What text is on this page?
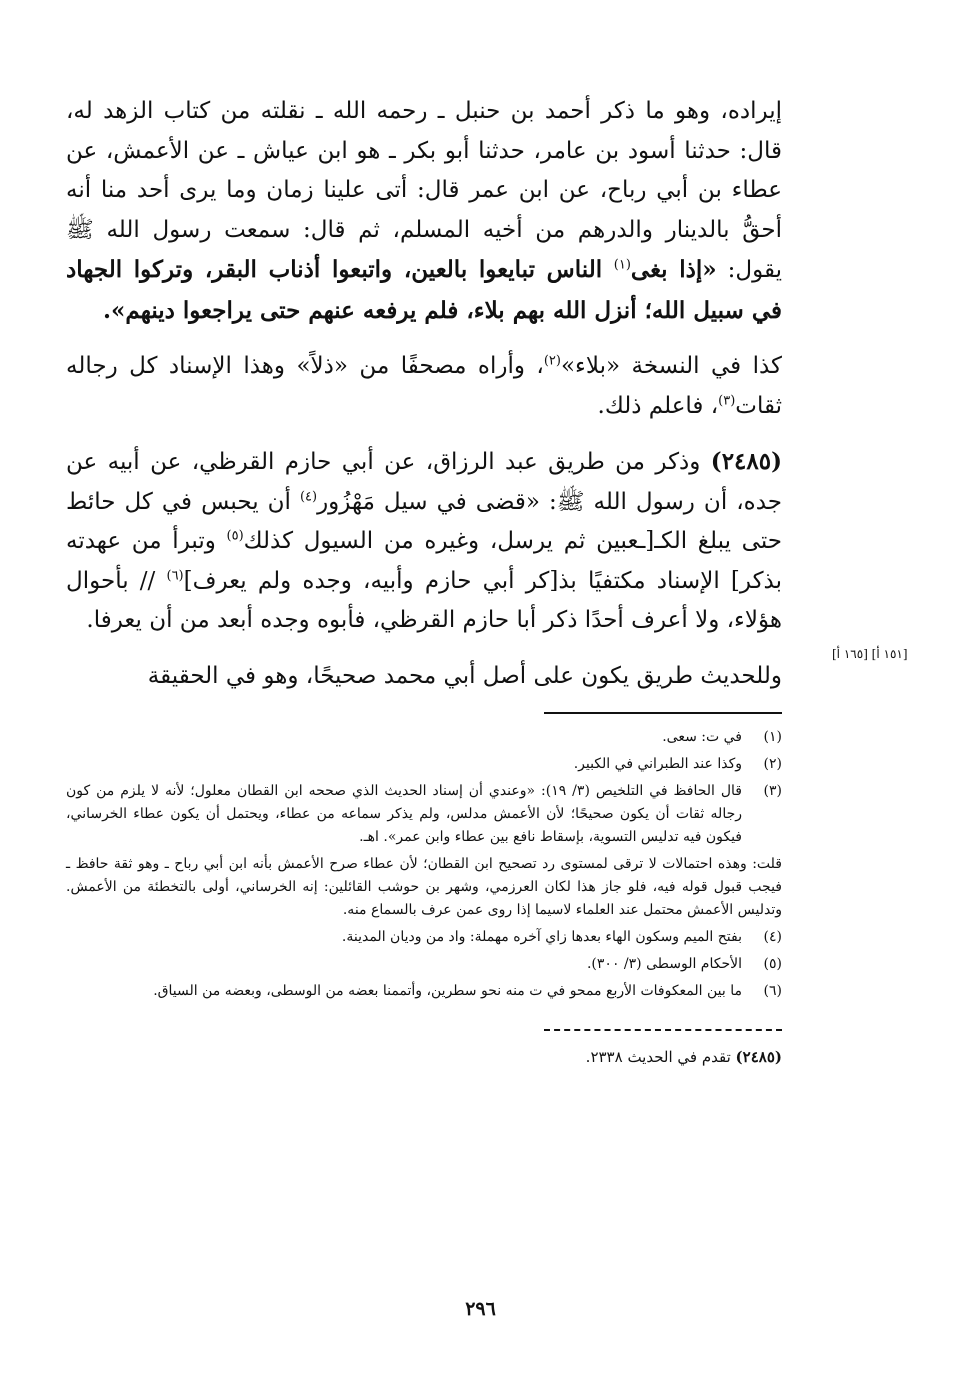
إيراده، وهو ما ذكر أحمد بن حنبل ـ رحمه الله ـ نقلته من كتاب الزهد له، قال: حدثنا أسود بن عامر، حدثنا أبو بكر ـ هو ابن عياش ـ عن الأعمش، عن عطاء بن أبي رباح، عن ابن عمر قال: أتى علينا زمان وما يرى أحد منا أنه أحقُّ بالدينار والدرهم من أخيه المسلم، ثم قال: سمعت رسول الله ﷺ يقول: «إذا بغى$^{(١)}$ الناس تبايعوا بالعين، واتبعوا أذناب البقر، وتركوا الجهاد في سبيل الله؛ أنزل الله بهم بلاء، فلم يرفعه عنهم حتى يراجعوا دينهم».

كذا في النسخة «بلاء»$^{(٢)}$، وأراه مصحفًا من «ذلاً» وهذا الإسناد كل رجاله ثقات$^{(٣)}$، فاعلم ذلك.

(٢٤٨٥) وذكر من طريق عبد الرزاق، عن أبي حازم القرظي، عن أبيه عن جده، أن رسول الله ﷺ: «قضى في سيل مَهْزُور$^{(٤)}$ أن يحبس في كل حائط حتى يبلغ الكـ[ـعبين ثم يرسل، وغيره من السيول كذلك$^{(٥)}$ وتبرأ من عهدته بذكر] الإسناد مكتفيًا بذ[كر أبي حازم وأبيه، وجده ولم يعرف]$^{(٦)}$ // بأحوال هؤلاء، ولا أعرف أحدًا ذكر أبا حازم القرظي، فأبوه وجده أبعد من أن يعرفا.

وللحديث طريق يكون على أصل أبي محمد صحيحًا، وهو في الحقيقة

(١)
في ت: سعى.
(٢)
وكذا عند الطبراني في الكبير.
(٣)
قال الحافظ في التلخيص (٣/ ١٩): «وعندي أن إسناد الحديث الذي صححه ابن القطان معلول؛ لأنه لا يلزم من كون رجاله ثقات أن يكون صحيحًا؛ لأن الأعمش مدلس، ولم يذكر سماعه من عطاء، ويحتمل أن يكون عطاء الخرساني، فيكون فيه تدليس التسوية، بإسقاط نافع بين عطاء وابن عمر». اهـ.

قلت: وهذه احتمالات لا ترقى لمستوى رد تصحيح ابن القطان؛ لأن عطاء صرح الأعمش بأنه ابن أبي رباح ـ وهو ثقة حافظ ـ فيجب قبول قوله فيه، فلو جاز هذا لكان العرزمي، وشهر بن حوشب القائلين: إنه الخرساني، أولى بالتخطئة من الأعمش. وتدليس الأعمش محتمل عند العلماء لاسيما إذا روى عمن عرف بالسماع منه.

(٤)
بفتح الميم وسكون الهاء بعدها زاي آخره مهملة: واد من وديان المدينة.
(٥)
الأحكام الوسطى (٣/ ٣٠٠).
(٦)
ما بين المعكوفات الأربع ممحو في ت منه نحو سطرين، وأتممنا بعضه من الوسطى، وبعضه من السياق.
(٢٤٨٥) تقدم في الحديث ٢٣٣٨.
[١٥١ أ] [١٦٥ أ]
٢٩٦
